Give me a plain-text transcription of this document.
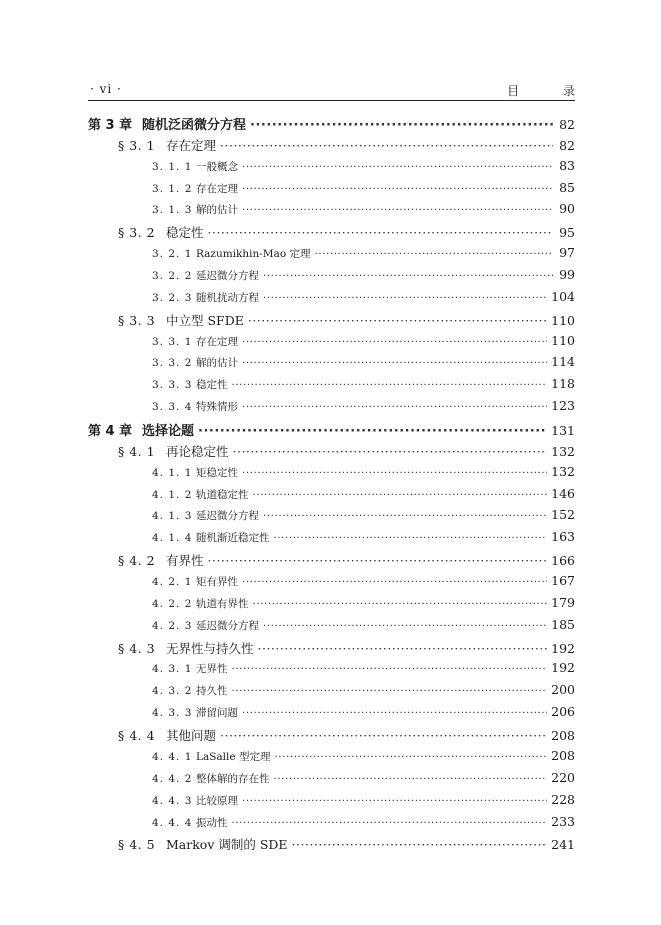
· vi ·	目 录
第 3 章 随机泛函微分方程 ·····	82
§ 3. 1 存在定理 ·····	82
3. 1. 1 一般概念 ·····	83
3. 1. 2 存在定理 ·····	85
3. 1. 3 解的估计 ·····	90
§ 3. 2 稳定性 ·····	95
3. 2. 1 Razumikhin-Mao 定理 ·····	97
3. 2. 2 延迟微分方程 ·····	99
3. 2. 3 随机扰动方程 ·····	104
§ 3. 3 中立型 SFDE ·····	110
3. 3. 1 存在定理 ·····	110
3. 3. 2 解的估计 ·····	114
3. 3. 3 稳定性 ·····	118
3. 3. 4 特殊情形 ·····	123
第 4 章 选择论题 ·····	131
§ 4. 1 再论稳定性 ·····	132
4. 1. 1 矩稳定性 ·····	132
4. 1. 2 轨道稳定性 ·····	146
4. 1. 3 延迟微分方程 ·····	152
4. 1. 4 随机渐近稳定性 ·····	163
§ 4. 2 有界性 ·····	166
4. 2. 1 矩有界性 ·····	167
4. 2. 2 轨道有界性 ·····	179
4. 2. 3 延迟微分方程 ·····	185
§ 4. 3 无界性与持久性 ·····	192
4. 3. 1 无界性 ·····	192
4. 3. 2 持久性 ·····	200
4. 3. 3 滞留问题 ·····	206
§ 4. 4 其他问题 ·····	208
4. 4. 1 LaSalle 型定理 ·····	208
4. 4. 2 整体解的存在性 ·····	220
4. 4. 3 比较原理 ·····	228
4. 4. 4 振动性 ·····	233
§ 4. 5 Markov 调制的 SDE ·····	241
